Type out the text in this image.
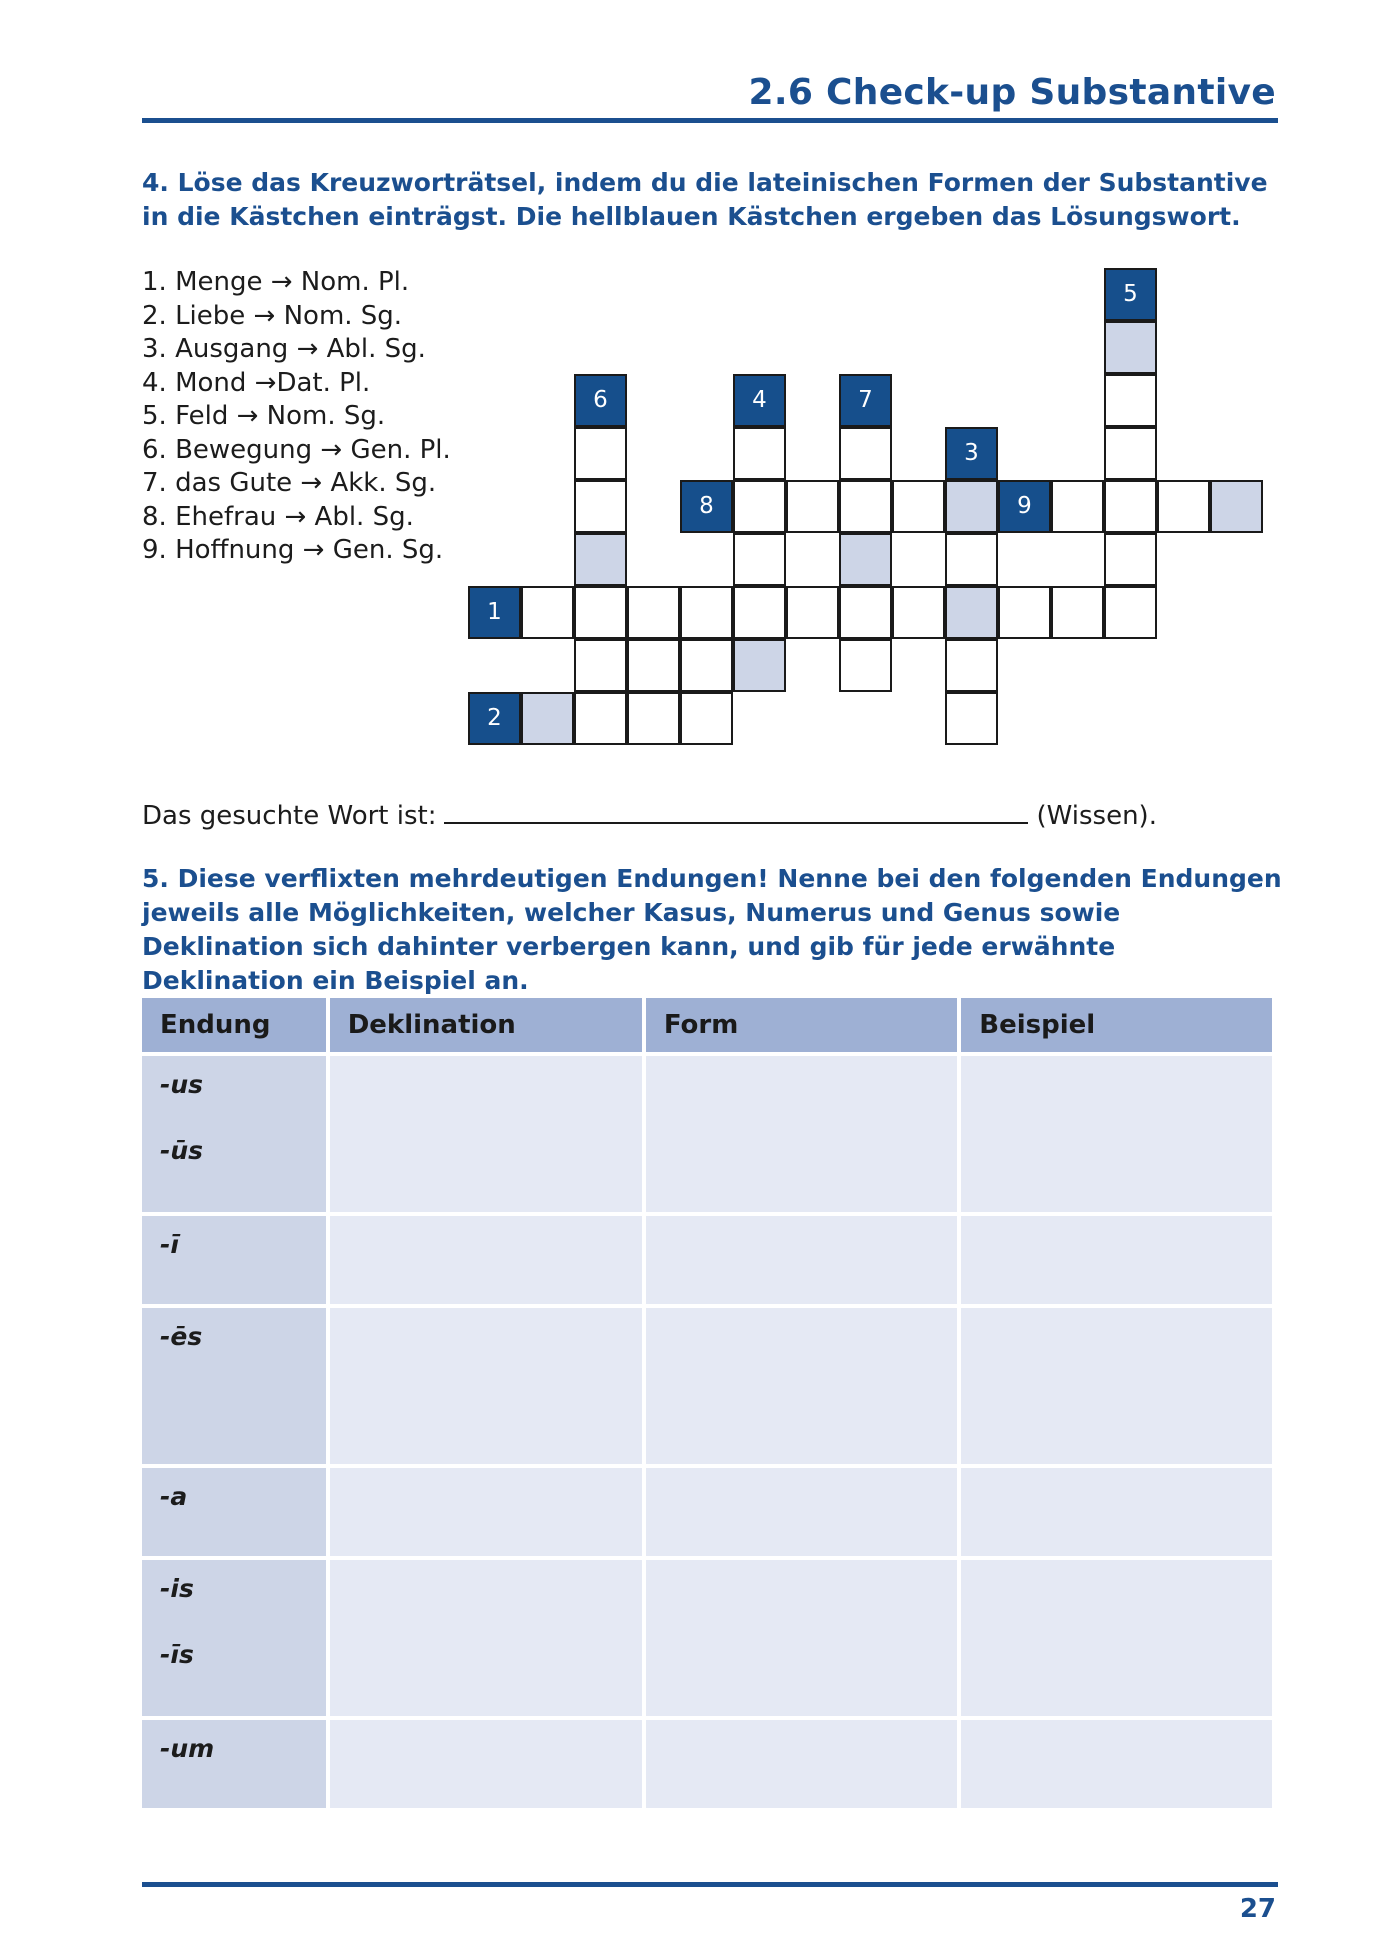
2.6 Check-up Substantive
4. Löse das Kreuzworträtsel, indem du die lateinischen Formen der Substantive in die Kästchen einträgst. Die hellblauen Kästchen ergeben das Lösungswort.
1. Menge → Nom. Pl.
2. Liebe → Nom. Sg.
3. Ausgang → Abl. Sg.
4. Mond →Dat. Pl.
5. Feld → Nom. Sg.
6. Bewegung → Gen. Pl.
7. das Gute → Akk. Sg.
8. Ehefrau → Abl. Sg.
9. Hoffnung → Gen. Sg.
5
6	4	7
3
8	9
1
2
Das gesuchte Wort ist:	(Wissen).
5. Diese verflixten mehrdeutigen Endungen! Nenne bei den folgenden Endungen jeweils alle Möglichkeiten, welcher Kasus, Numerus und Genus sowie Deklination sich dahinter verbergen kann, und gib für jede erwähnte Deklination ein Beispiel an.
Endung	Deklination	Form	Beispiel

-us
-ūs			

-ī			

-ēs			

-a			

-is
-īs			

-um			

27
